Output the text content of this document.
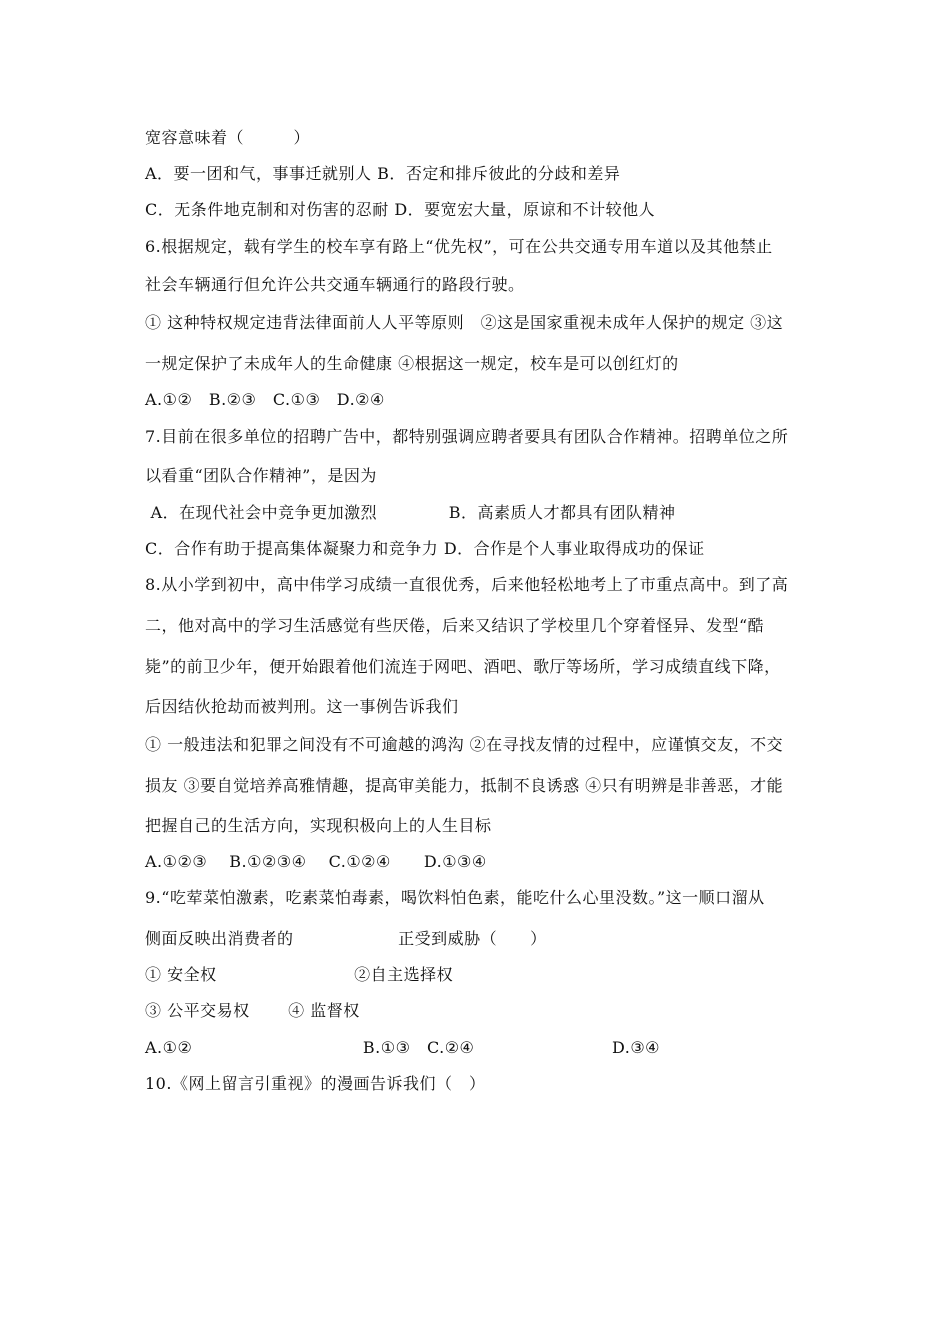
宽容意味着（　　　）
A．要一团和气，事事迁就别人 B．否定和排斥彼此的分歧和差异
C．无条件地克制和对伤害的忍耐 D．要宽宏大量，原谅和不计较他人
6.根据规定，载有学生的校车享有路上“优先权”，可在公共交通专用车道以及其他禁止
社会车辆通行但允许公共交通车辆通行的路段行驶。
① 这种特权规定违背法律面前人人平等原则　②这是国家重视未成年人保护的规定 ③这
一规定保护了未成年人的生命健康 ④根据这一规定，校车是可以创红灯的
A.①②　B.②③　C.①③　D.②④
7.目前在很多单位的招聘广告中，都特别强调应聘者要具有团队合作精神。招聘单位之所
以看重“团队合作精神”，是因为
A．在现代社会中竞争更加激烈　　　　 B．高素质人才都具有团队精神
C．合作有助于提高集体凝聚力和竞争力 D．合作是个人事业取得成功的保证
8.从小学到初中，高中伟学习成绩一直很优秀，后来他轻松地考上了市重点高中。到了高
二，他对高中的学习生活感觉有些厌倦，后来又结识了学校里几个穿着怪异、发型“酷
毙”的前卫少年，便开始跟着他们流连于网吧、酒吧、歌厅等场所，学习成绩直线下降，
后因结伙抢劫而被判刑。这一事例告诉我们
① 一般违法和犯罪之间没有不可逾越的鸿沟 ②在寻找友情的过程中，应谨慎交友，不交
损友 ③要自觉培养高雅情趣，提高审美能力，抵制不良诱惑 ④只有明辨是非善恶，才能
把握自己的生活方向，实现积极向上的人生目标
A.①②③　 B.①②③④　 C.①②④　　D.①③④
9.“吃荤菜怕激素，吃素菜怕毒素，喝饮料怕色素，能吃什么心里没数。”这一顺口溜从
侧面反映出消费者的　　　　　　 正受到威胁（　　）
① 安全权　　　　　　　　 ②自主选择权
③ 公平交易权　　 ④ 监督权
A.①②　　　　　　　　　　 B.①③　C.②④　　　　　　　　 D.③④
10.《网上留言引重视》的漫画告诉我们（　）
